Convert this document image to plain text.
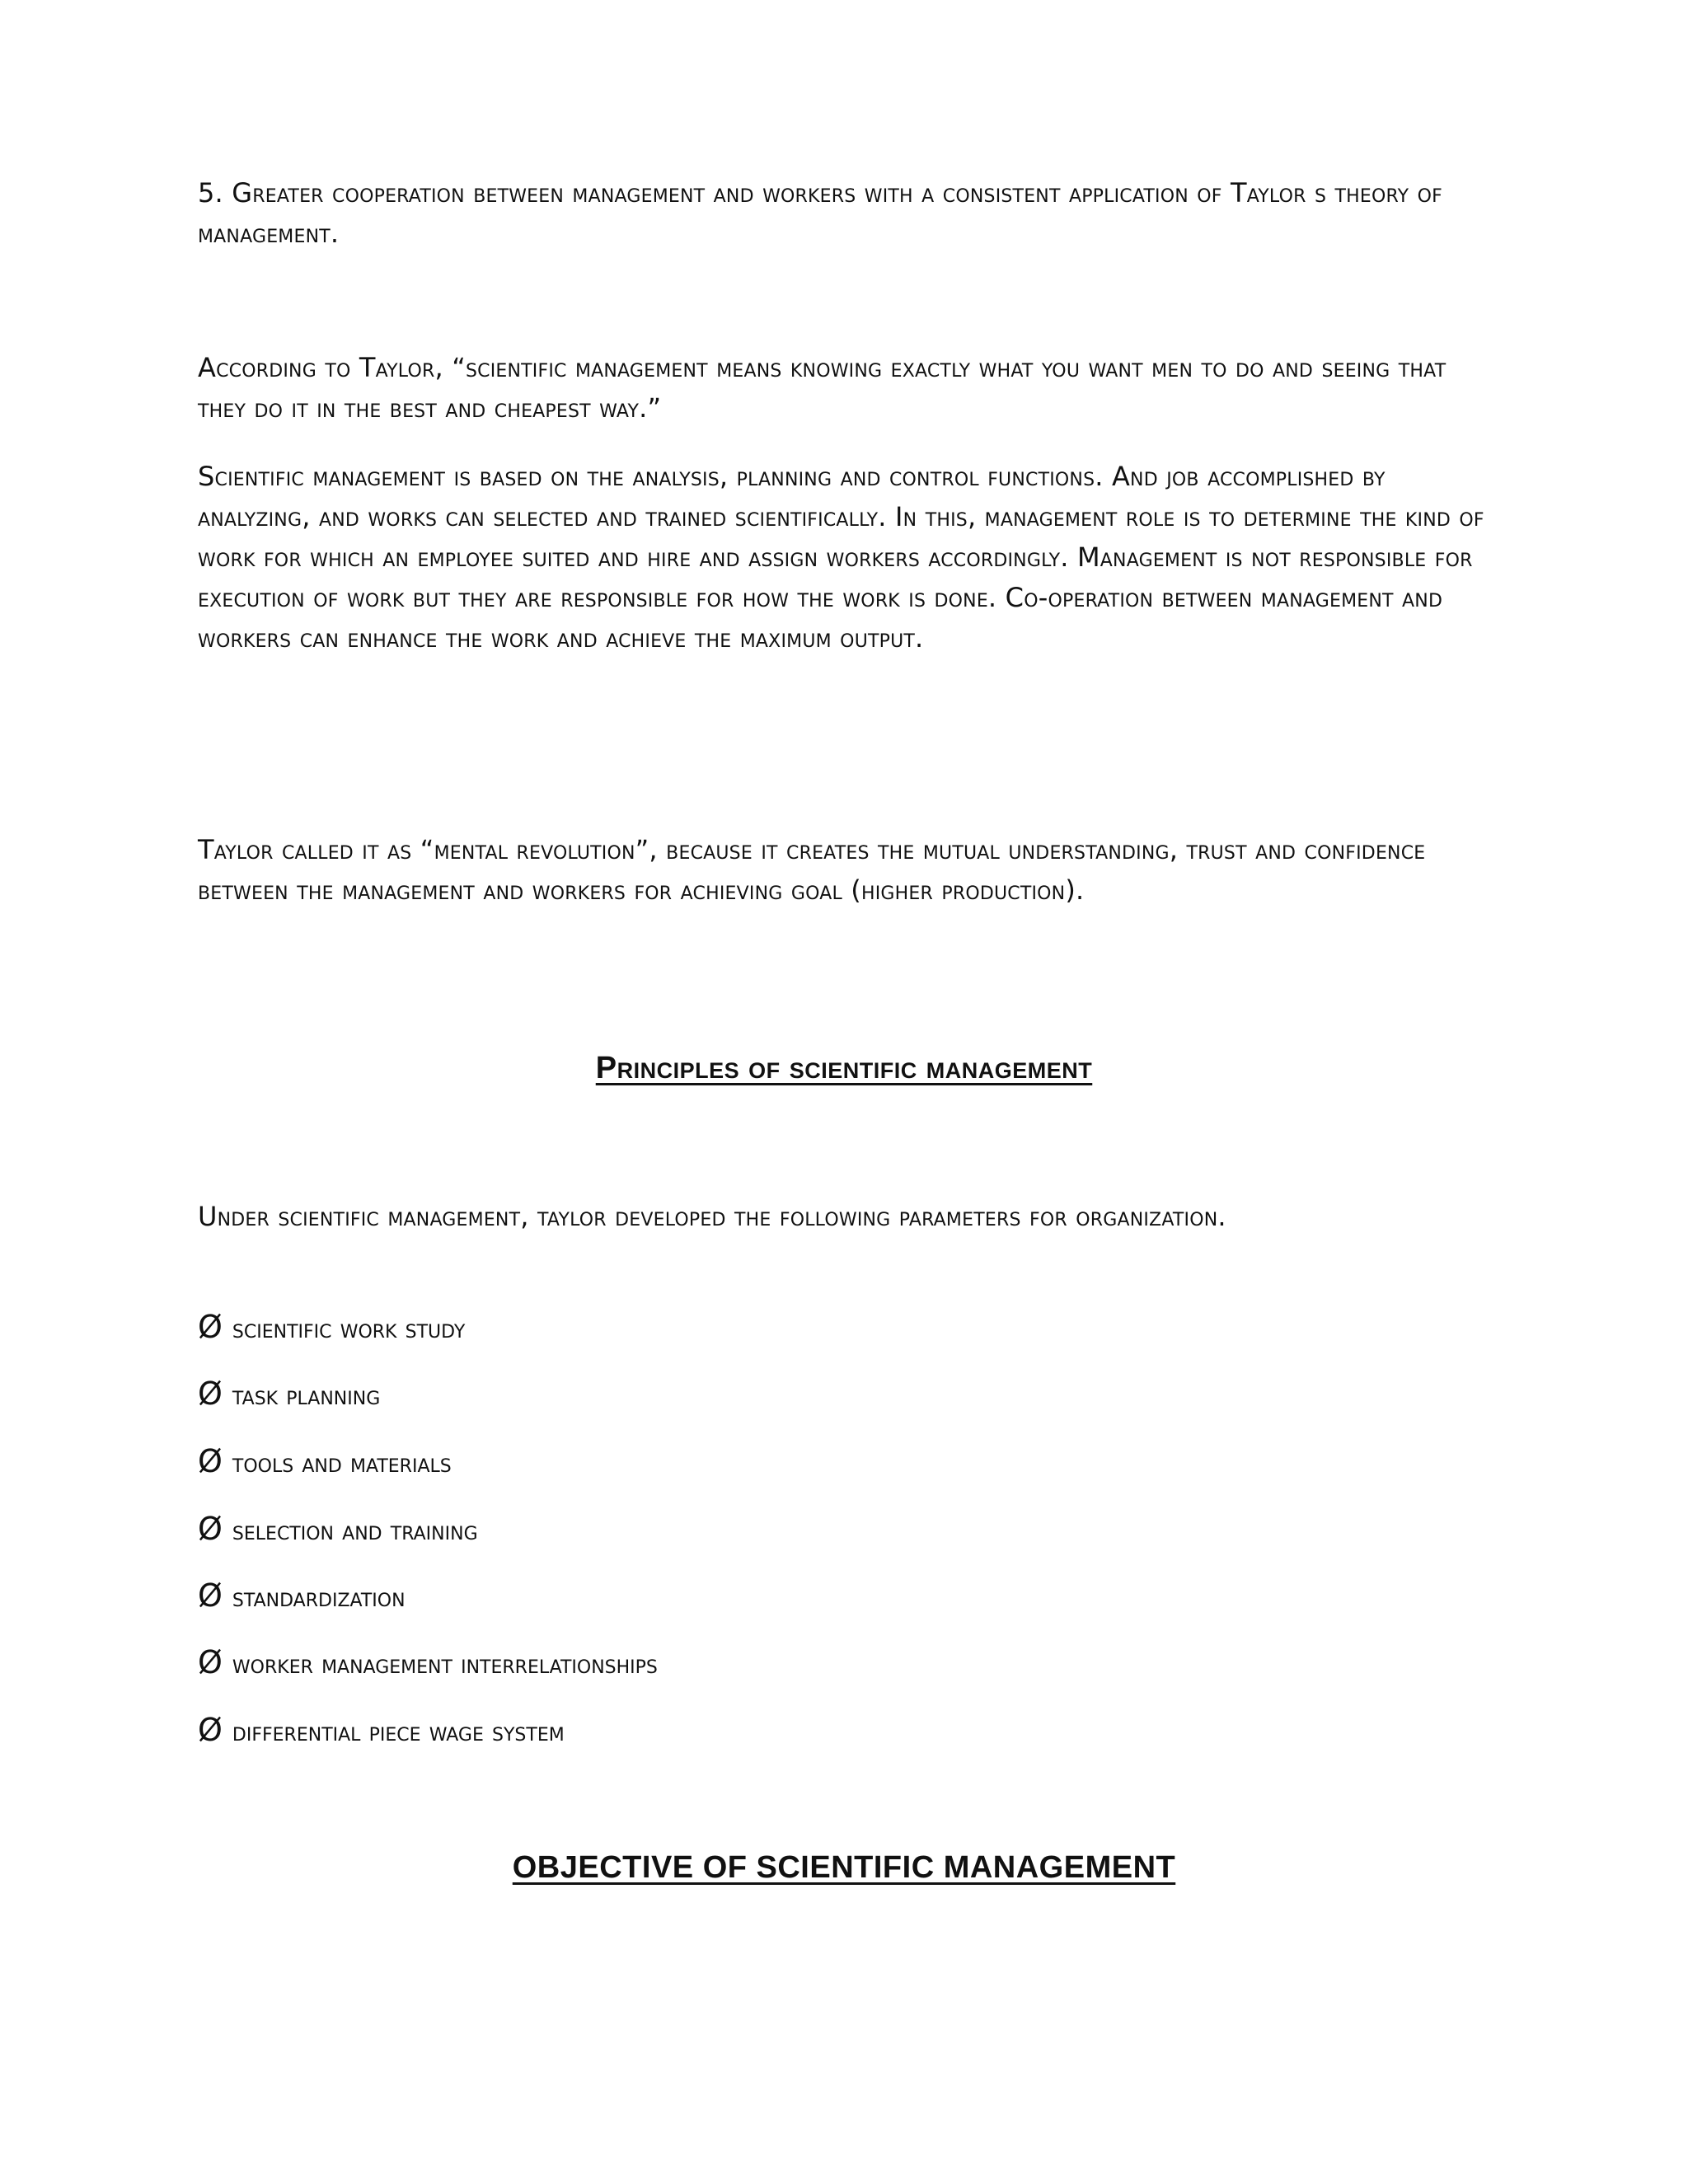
5. Greater cooperation between management and workers with a consistent application of Taylor s theory of management.

According to Taylor, “scientific management means knowing exactly what you want men to do and seeing that they do it in the best and cheapest way.”

Scientific management is based on the analysis, planning and control functions. And job accomplished by analyzing, and works can selected and trained scientifically. In this, management role is to determine the kind of work for which an employee suited and hire and assign workers accordingly. Management is not responsible for execution of work but they are responsible for how the work is done. Co-operation between management and workers can enhance the work and achieve the maximum output.

Taylor called it as “mental revolution”, because it creates the mutual understanding, trust and confidence between the management and workers for achieving goal (higher production).

Principles of scientific management

Under scientific management, taylor developed the following parameters for organization.

Ø scientific work study

Ø task planning

Ø tools and materials

Ø selection and training

Ø standardization

Ø worker management interrelationships

Ø differential piece wage system

OBJECTIVE OF SCIENTIFIC MANAGEMENT
